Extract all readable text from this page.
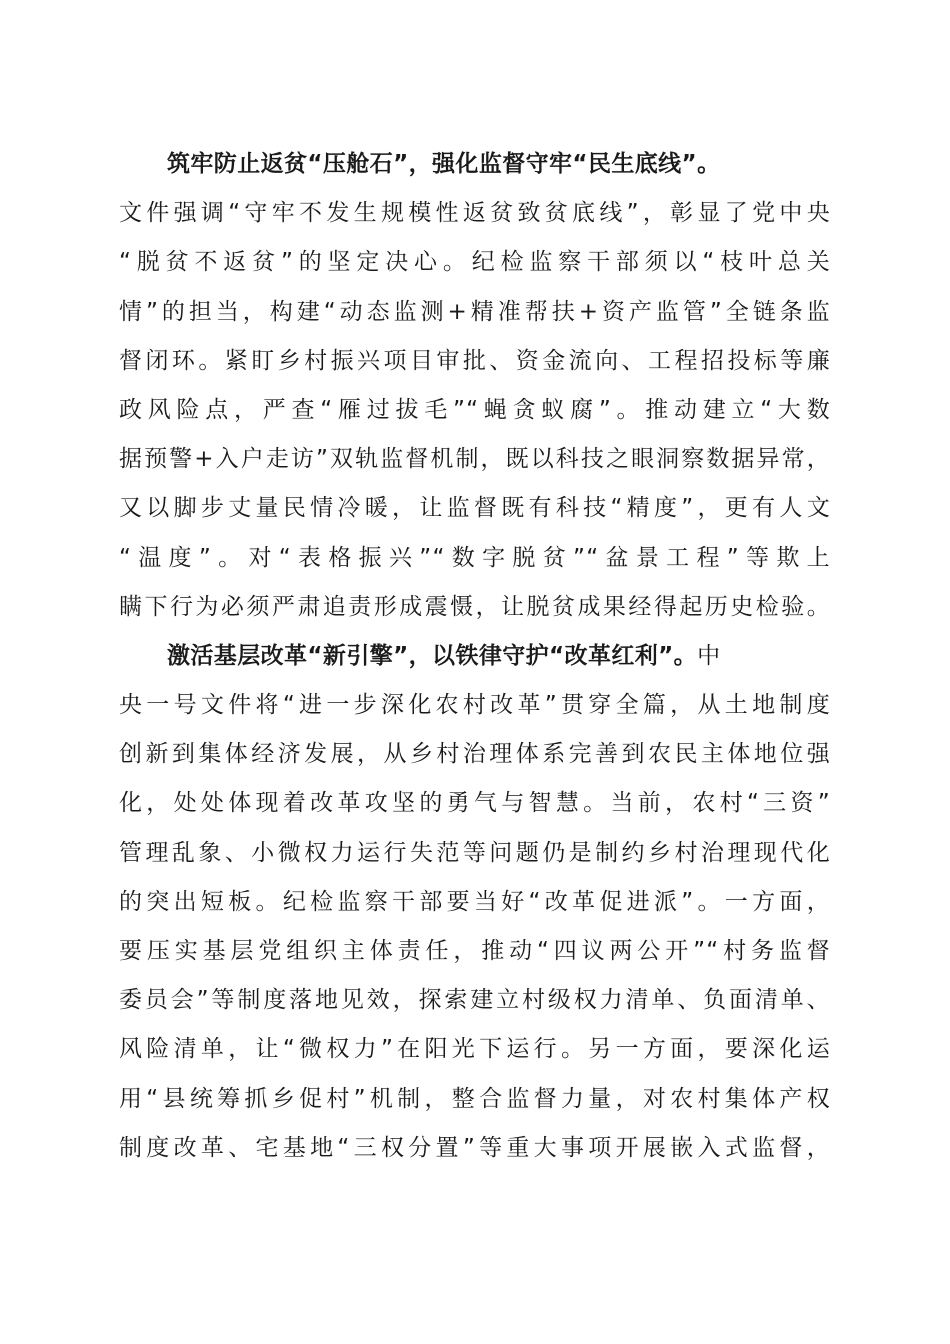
筑牢防止返贫“压舱石”，强化监督守牢“民生底线”。
文件强调“守牢不发生规模性返贫致贫底线”，彰显了党中央
“脱贫不返贫”的坚定决心。纪检监察干部须以“枝叶总关
情”的担当，构建“动态监测+精准帮扶+资产监管”全链条监
督闭环。紧盯乡村振兴项目审批、资金流向、工程招投标等廉
政风险点，严查“雁过拔毛”“蝇贪蚁腐”。推动建立“大数
据预警+入户走访”双轨监督机制，既以科技之眼洞察数据异常，
又以脚步丈量民情冷暖，让监督既有科技“精度”，更有人文
“温度”。对“表格振兴”“数字脱贫”“盆景工程”等欺上
瞒下行为必须严肃追责形成震慑，让脱贫成果经得起历史检验。
激活基层改革“新引擎”，以铁律守护“改革红利”。中
央一号文件将“进一步深化农村改革”贯穿全篇，从土地制度
创新到集体经济发展，从乡村治理体系完善到农民主体地位强
化，处处体现着改革攻坚的勇气与智慧。当前，农村“三资”
管理乱象、小微权力运行失范等问题仍是制约乡村治理现代化
的突出短板。纪检监察干部要当好“改革促进派”。一方面，
要压实基层党组织主体责任，推动“四议两公开”“村务监督
委员会”等制度落地见效，探索建立村级权力清单、负面清单、
风险清单，让“微权力”在阳光下运行。另一方面，要深化运
用“县统筹抓乡促村”机制，整合监督力量，对农村集体产权
制度改革、宅基地“三权分置”等重大事项开展嵌入式监督，
